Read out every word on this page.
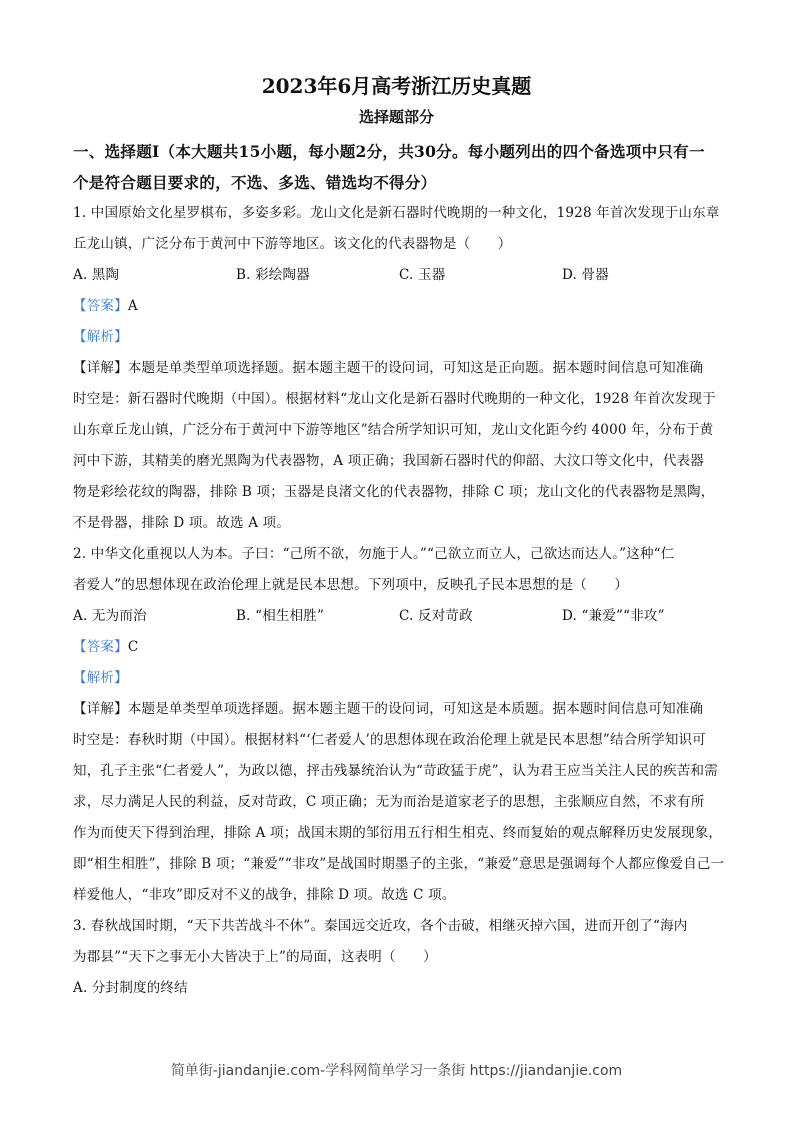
2023年6月高考浙江历史真题
选择题部分
一、选择题Ⅰ（本大题共15小题，每小题2分，共30分。每小题列出的四个备选项中只有一
个是符合题目要求的，不选、多选、错选均不得分）
1. 中国原始文化星罗棋布，多姿多彩。龙山文化是新石器时代晚期的一种文化，1928 年首次发现于山东章
丘龙山镇，广泛分布于黄河中下游等地区。该文化的代表器物是（　　）
A. 黑陶	B. 彩绘陶器	C. 玉器	D. 骨器
【答案】A
【解析】
【详解】本题是单类型单项选择题。据本题主题干的设问词，可知这是正向题。据本题时间信息可知准确
时空是：新石器时代晚期（中国）。根据材料“龙山文化是新石器时代晚期的一种文化，1928 年首次发现于
山东章丘龙山镇，广泛分布于黄河中下游等地区”结合所学知识可知，龙山文化距今约 4000 年，分布于黄
河中下游，其精美的磨光黑陶为代表器物，A 项正确；我国新石器时代的仰韶、大汶口等文化中，代表器
物是彩绘花纹的陶器，排除 B 项；玉器是良渚文化的代表器物，排除 C 项；龙山文化的代表器物是黑陶，
不是骨器，排除 D 项。故选 A 项。
2. 中华文化重视以人为本。子曰：“己所不欲，勿施于人。”“己欲立而立人，己欲达而达人。”这种“仁
者爱人”的思想体现在政治伦理上就是民本思想。下列项中，反映孔子民本思想的是（　　）
A. 无为而治	B. “相生相胜”	C. 反对苛政	D. “兼爱”“非攻”
【答案】C
【解析】
【详解】本题是单类型单项选择题。据本题主题干的设问词，可知这是本质题。据本题时间信息可知准确
时空是：春秋时期（中国）。根据材料“‘仁者爱人’的思想体现在政治伦理上就是民本思想”结合所学知识可
知，孔子主张“仁者爱人”，为政以德，抨击残暴统治认为“苛政猛于虎”，认为君王应当关注人民的疾苦和需
求，尽力满足人民的利益，反对苛政，C 项正确；无为而治是道家老子的思想，主张顺应自然，不求有所
作为而使天下得到治理，排除 A 项；战国末期的邹衍用五行相生相克、终而复始的观点解释历史发展现象，
即“相生相胜”，排除 B 项；“兼爱”“非攻”是战国时期墨子的主张，“兼爱”意思是强调每个人都应像爱自己一
样爱他人，“非攻”即反对不义的战争，排除 D 项。故选 C 项。
3. 春秋战国时期，“天下共苦战斗不休”。秦国远交近攻，各个击破，相继灭掉六国，进而开创了“海内
为郡县”“天下之事无小大皆决于上”的局面，这表明（　　）
A. 分封制度的终结
简单街-jiandanjie.com-学科网简单学习一条街 https://jiandanjie.com
